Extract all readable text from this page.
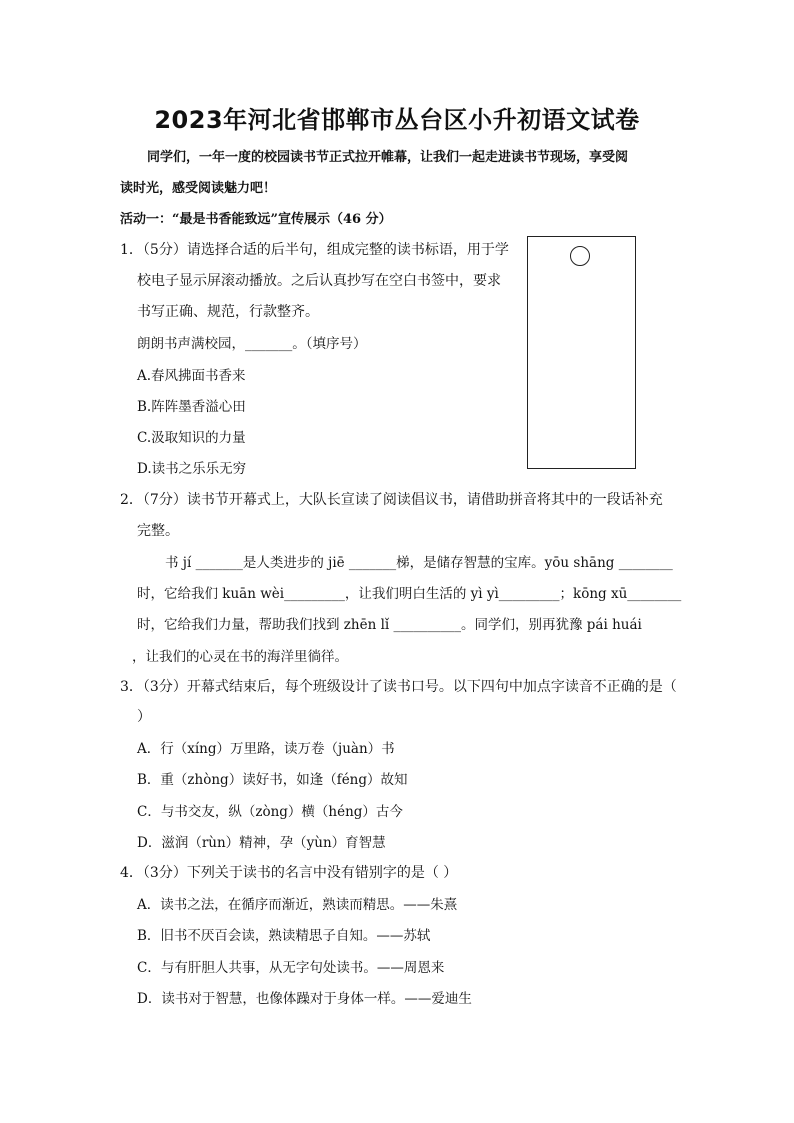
2023年河北省邯郸市丛台区小升初语文试卷
同学们，一年一度的校园读书节正式拉开帷幕，让我们一起走进读书节现场，享受阅
读时光，感受阅读魅力吧！
活动一：“最是书香能致远”宣传展示（46 分）
1．（5分）请选择合适的后半句，组成完整的读书标语，用于学
校电子显示屏滚动播放。之后认真抄写在空白书签中，要求
书写正确、规范，行款整齐。
朗朗书声满校园，_______。（填序号）
A.春风拂面书香来
B.阵阵墨香溢心田
C.汲取知识的力量
D.读书之乐乐无穷
2．（7分）读书节开幕式上，大队长宣读了阅读倡议书，请借助拼音将其中的一段话补充
完整。
书 jí _______是人类进步的 jiē _______梯，是储存智慧的宝库。yōu shāng ________
时，它给我们 kuān wèi_________，让我们明白生活的 yì yì_________；kōng xū________
时，它给我们力量，帮助我们找到 zhēn lǐ __________。同学们，别再犹豫 pái huái
，让我们的心灵在书的海洋里徜徉。
3．（3分）开幕式结束后，每个班级设计了读书口号。以下四句中加点字读音不正确的是（
）
A．行（xíng）万里路，读万卷（juàn）书
B．重（zhòng）读好书，如逢（féng）故知
C．与书交友，纵（zòng）横（héng）古今
D．滋润（rùn）精神，孕（yùn）育智慧
4．（3分）下列关于读书的名言中没有错别字的是（ ）
A．读书之法，在循序而渐近，熟读而精思。——朱熹
B．旧书不厌百会读，熟读精思子自知。——苏轼
C．与有肝胆人共事，从无字句处读书。——周恩来
D．读书对于智慧，也像体躁对于身体一样。——爱迪生
